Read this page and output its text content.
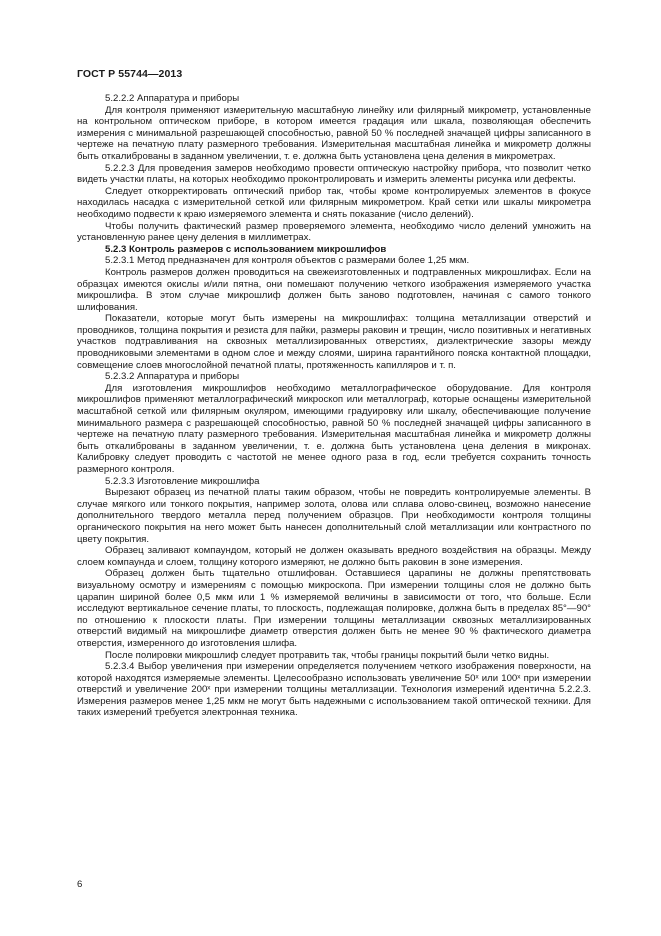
ГОСТ Р 55744—2013

5.2.2.2 Аппаратура и приборы

Для контроля применяют измерительную масштабную линейку или филярный микрометр, установленные на контрольном оптическом приборе, в котором имеется градация или шкала, позволяющая обеспечить измерения с минимальной разрешающей способностью, равной 50 % последней значащей цифры записанного в чертеже на печатную плату размерного требования. Измерительная масштабная линейка и микрометр должны быть откалиброваны в заданном увеличении, т. е. должна быть установлена цена деления в микрометрах.

5.2.2.3 Для проведения замеров необходимо провести оптическую настройку прибора, что позволит четко видеть участки платы, на которых необходимо проконтролировать и измерить элементы рисунка или дефекты.

Следует откорректировать оптический прибор так, чтобы кроме контролируемых элементов в фокусе находилась насадка с измерительной сеткой или филярным микрометром. Край сетки или шкалы микрометра необходимо подвести к краю измеряемого элемента и снять показание (число делений).

Чтобы получить фактический размер проверяемого элемента, необходимо число делений умножить на установленную ранее цену деления в миллиметрах.

5.2.3 Контроль размеров с использованием микрошлифов

5.2.3.1 Метод предназначен для контроля объектов с размерами более 1,25 мкм.

Контроль размеров должен проводиться на свежеизготовленных и подтравленных микрошлифах. Если на образцах имеются окислы и/или пятна, они помешают получению четкого изображения измеряемого участка микрошлифа. В этом случае микрошлиф должен быть заново подготовлен, начиная с самого тонкого шлифования.

Показатели, которые могут быть измерены на микрошлифах: толщина металлизации отверстий и проводников, толщина покрытия и резиста для пайки, размеры раковин и трещин, число позитивных и негативных участков подтравливания на сквозных металлизированных отверстиях, диэлектрические зазоры между проводниковыми элементами в одном слое и между слоями, ширина гарантийного пояска контактной площадки, совмещение слоев многослойной печатной платы, протяженность капилляров и т. п.

5.2.3.2 Аппаратура и приборы

Для изготовления микрошлифов необходимо металлографическое оборудование. Для контроля микрошлифов применяют металлографический микроскоп или металлограф, которые оснащены измерительной масштабной сеткой или филярным окуляром, имеющими градуировку или шкалу, обеспечивающие получение минимального размера с разрешающей способностью, равной 50 % последней значащей цифры записанного в чертеже на печатную плату размерного требования. Измерительная масштабная линейка и микрометр должны быть откалиброваны в заданном увеличении, т. е. должна быть установлена цена деления в микронах. Калибровку следует проводить с частотой не менее одного раза в год, если требуется сохранить точность размерного контроля.

5.2.3.3 Изготовление микрошлифа

Вырезают образец из печатной платы таким образом, чтобы не повредить контролируемые элементы. В случае мягкого или тонкого покрытия, например золота, олова или сплава олово-свинец, возможно нанесение дополнительного твердого металла перед получением образцов. При необходимости контроля толщины органического покрытия на него может быть нанесен дополнительный слой металлизации или контрастного по цвету покрытия.

Образец заливают компаундом, который не должен оказывать вредного воздействия на образцы. Между слоем компаунда и слоем, толщину которого измеряют, не должно быть раковин в зоне измерения.

Образец должен быть тщательно отшлифован. Оставшиеся царапины не должны препятствовать визуальному осмотру и измерениям с помощью микроскопа. При измерении толщины слоя не должно быть царапин шириной более 0,5 мкм или 1 % измеряемой величины в зависимости от того, что больше. Если исследуют вертикальное сечение платы, то плоскость, подлежащая полировке, должна быть в пределах 85°—90° по отношению к плоскости платы. При измерении толщины металлизации сквозных металлизированных отверстий видимый на микрошлифе диаметр отверстия должен быть не менее 90 % фактического диаметра отверстия, измеренного до изготовления шлифа.

После полировки микрошлиф следует протравить так, чтобы границы покрытий были четко видны.

5.2.3.4 Выбор увеличения при измерении определяется получением четкого изображения поверхности, на которой находятся измеряемые элементы. Целесообразно использовать увеличение 50ˣ или 100ˣ при измерении отверстий и увеличение 200ˣ при измерении толщины металлизации. Технология измерений идентична 5.2.2.3. Измерения размеров менее 1,25 мкм не могут быть надежными с использованием такой оптической техники. Для таких измерений требуется электронная техника.

6
